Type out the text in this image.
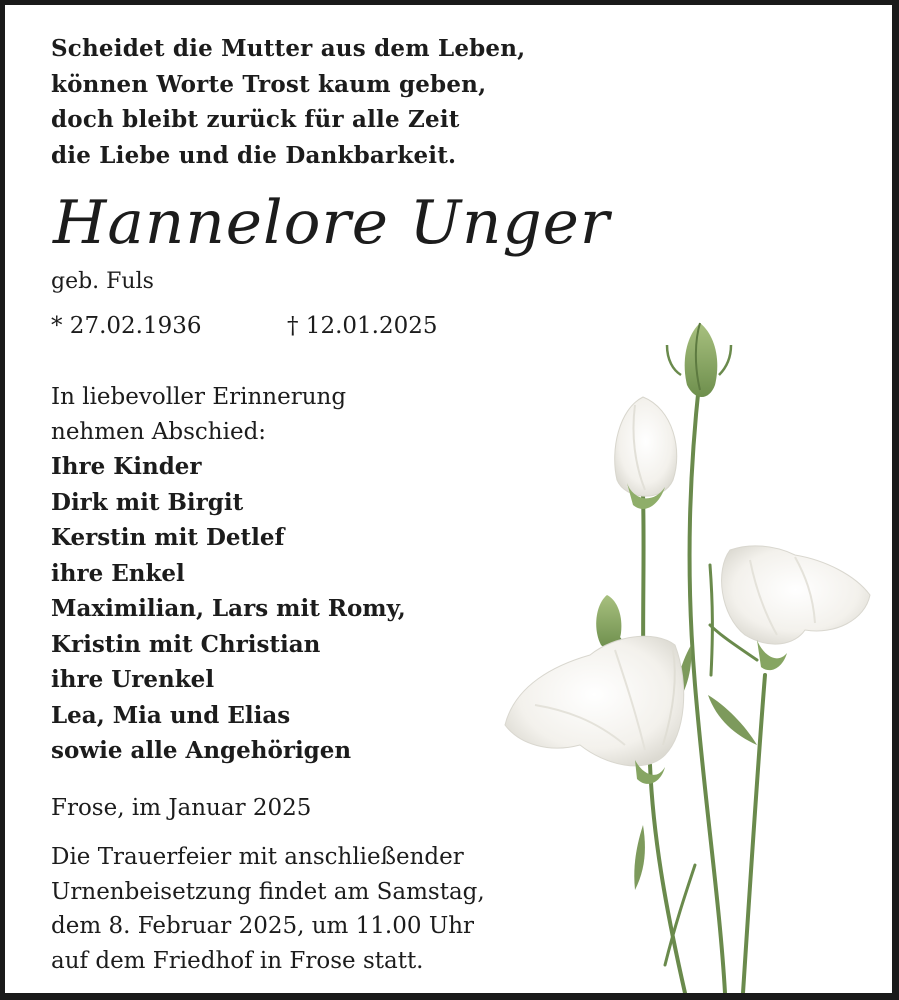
Scheidet die Mutter aus dem Leben,
können Worte Trost kaum geben,
doch bleibt zurück für alle Zeit
die Liebe und die Dankbarkeit.
Hannelore Unger
geb. Fuls
* 27.02.1936	† 12.01.2025
In liebevoller Erinnerung
nehmen Abschied:
Ihre Kinder
Dirk mit Birgit
Kerstin mit Detlef
ihre Enkel
Maximilian, Lars mit Romy,
Kristin mit Christian
ihre Urenkel
Lea, Mia und Elias
sowie alle Angehörigen
Frose, im Januar 2025
Die Trauerfeier mit anschließender
Urnenbeisetzung findet am Samstag,
dem 8. Februar 2025, um 11.00 Uhr
auf dem Friedhof in Frose statt.
